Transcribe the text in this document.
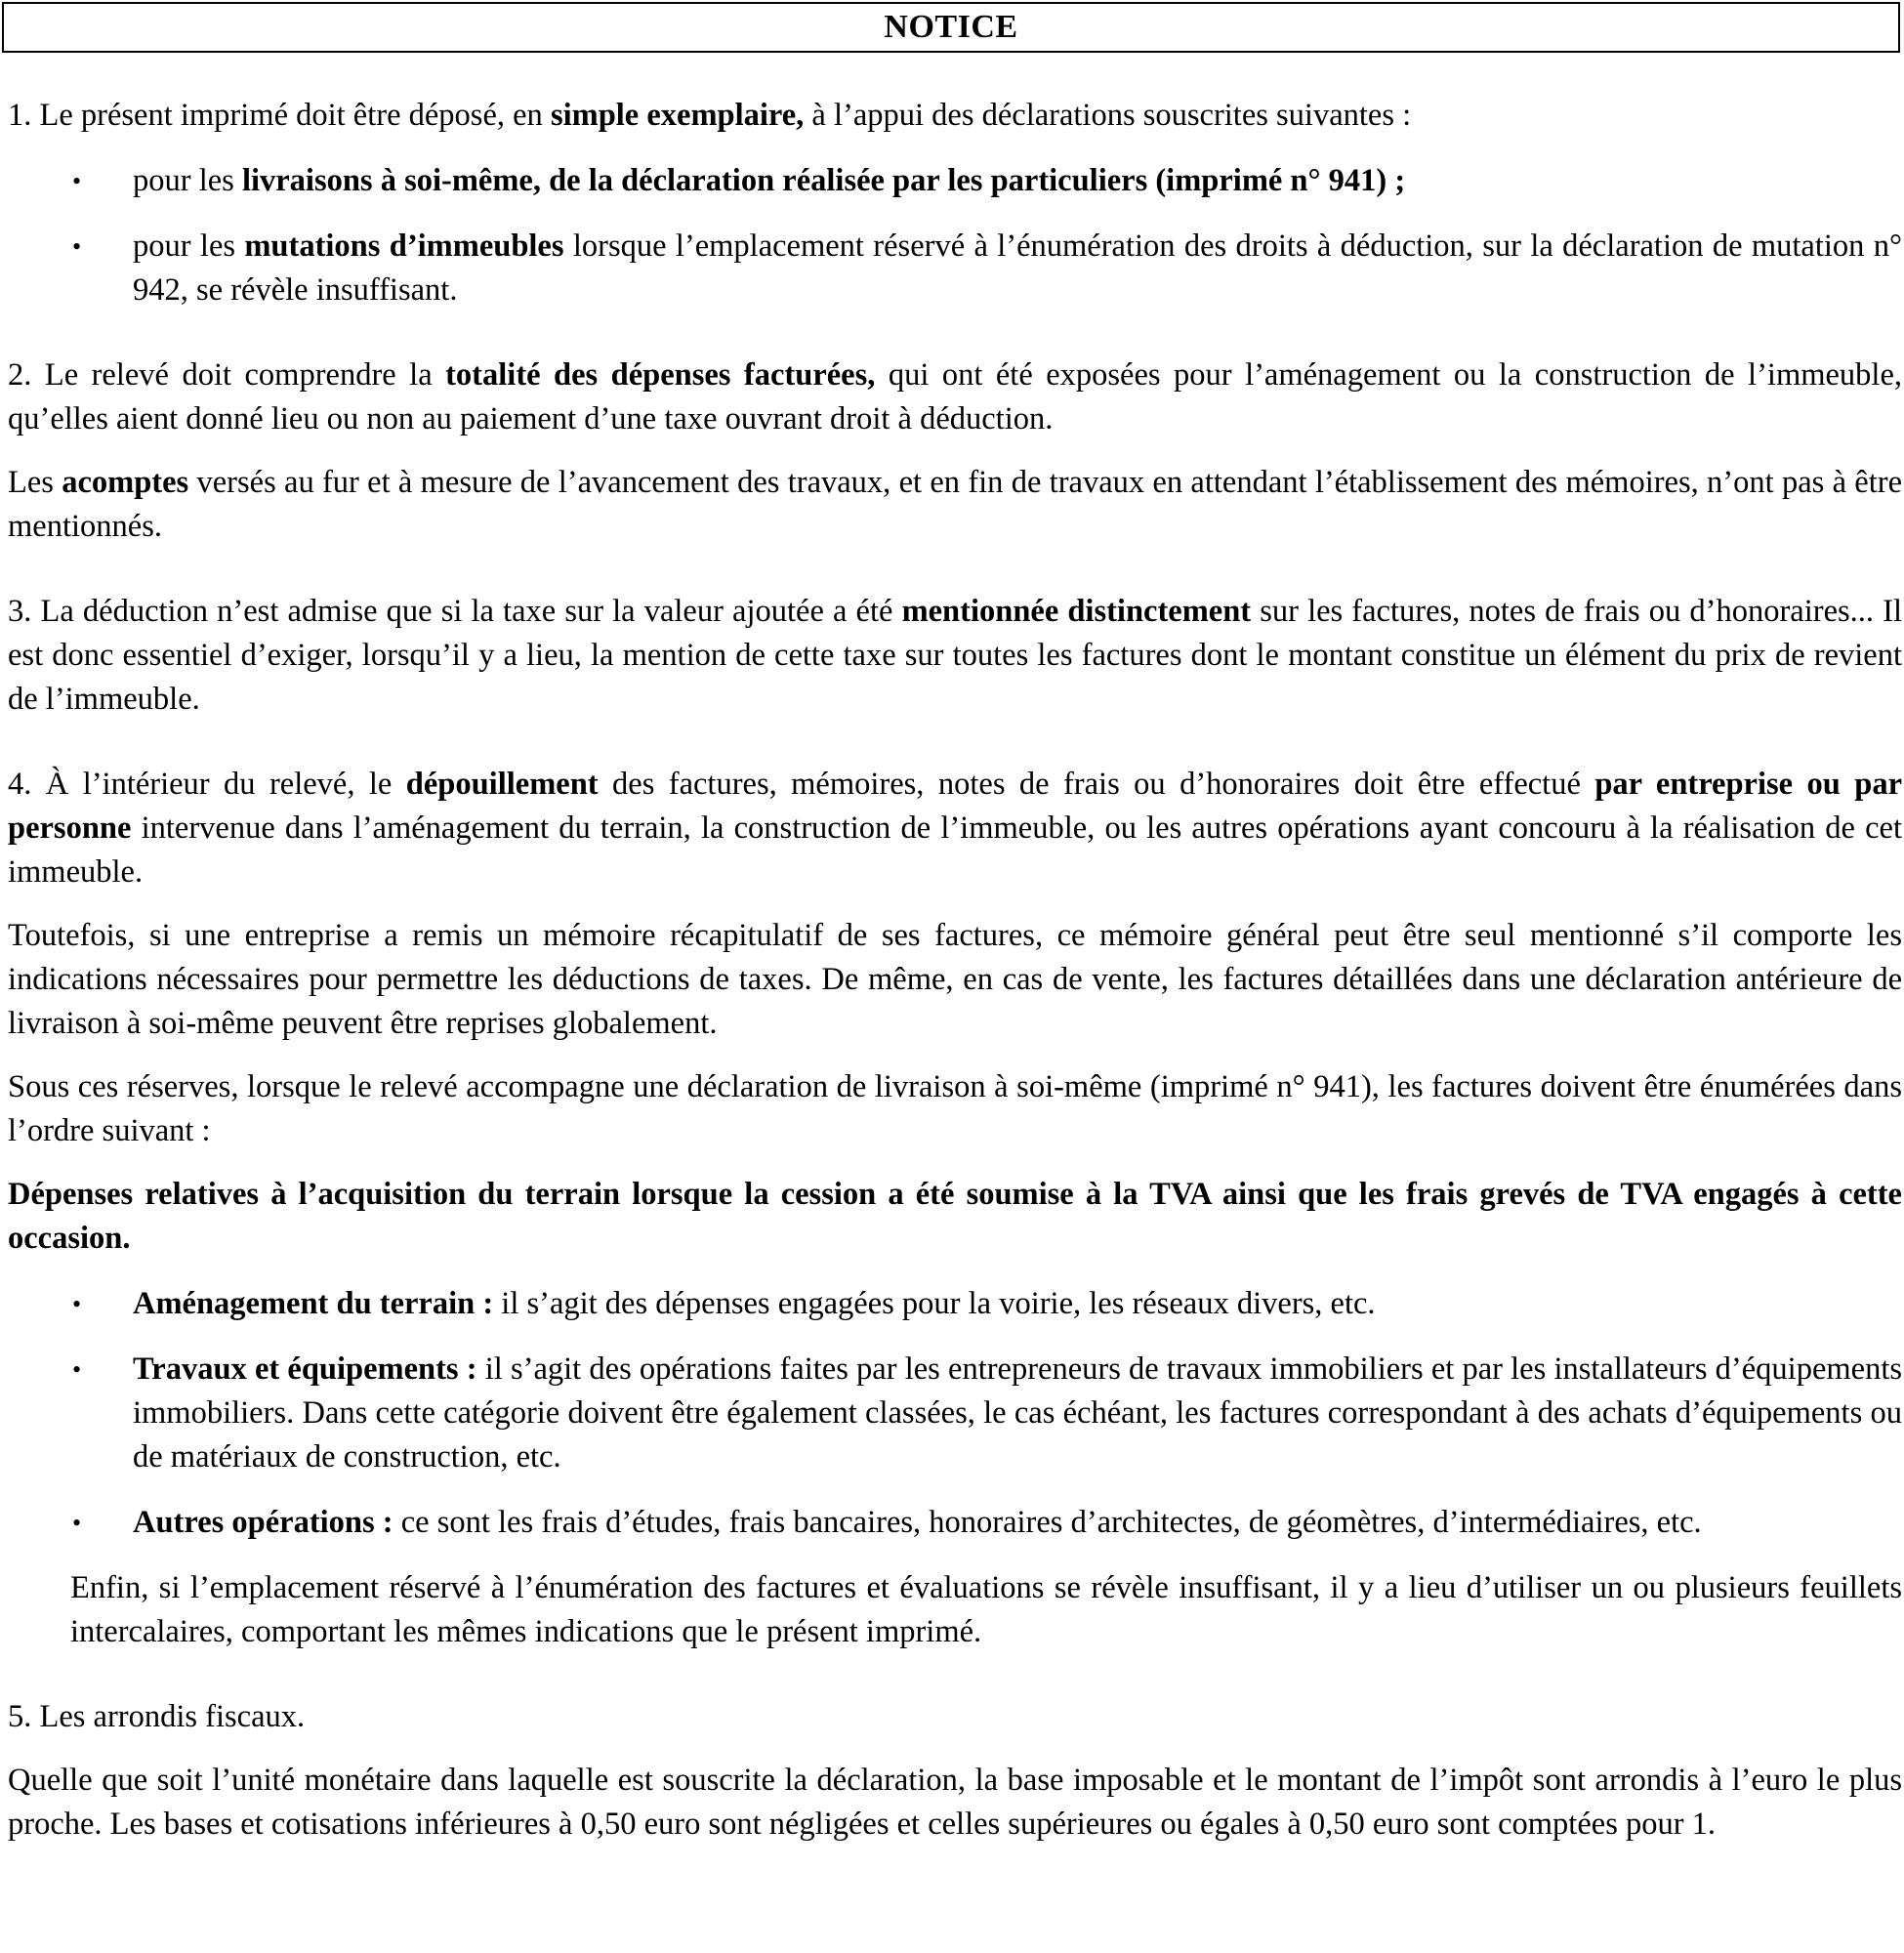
NOTICE

1. Le présent imprimé doit être déposé, en simple exemplaire, à l’appui des déclarations souscrites suivantes :

• pour les livraisons à soi-même, de la déclaration réalisée par les particuliers (imprimé n° 941) ;
• pour les mutations d’immeubles lorsque l’emplacement réservé à l’énumération des droits à déduction, sur la déclaration de mutation n° 942, se révèle insuffisant.

2. Le relevé doit comprendre la totalité des dépenses facturées, qui ont été exposées pour l’aménagement ou la construction de l’immeuble, qu’elles aient donné lieu ou non au paiement d’une taxe ouvrant droit à déduction.

Les acomptes versés au fur et à mesure de l’avancement des travaux, et en fin de travaux en attendant l’établissement des mémoires, n’ont pas à être mentionnés.

3. La déduction n’est admise que si la taxe sur la valeur ajoutée a été mentionnée distinctement sur les factures, notes de frais ou d’honoraires... Il est donc essentiel d’exiger, lorsqu’il y a lieu, la mention de cette taxe sur toutes les factures dont le montant constitue un élément du prix de revient de l’immeuble.

4. À l’intérieur du relevé, le dépouillement des factures, mémoires, notes de frais ou d’honoraires doit être effectué par entreprise ou par personne intervenue dans l’aménagement du terrain, la construction de l’immeuble, ou les autres opérations ayant concouru à la réalisation de cet immeuble.

Toutefois, si une entreprise a remis un mémoire récapitulatif de ses factures, ce mémoire général peut être seul mentionné s’il comporte les indications nécessaires pour permettre les déductions de taxes. De même, en cas de vente, les factures détaillées dans une déclaration antérieure de livraison à soi-même peuvent être reprises globalement.

Sous ces réserves, lorsque le relevé accompagne une déclaration de livraison à soi-même (imprimé n° 941), les factures doivent être énumérées dans l’ordre suivant :

Dépenses relatives à l’acquisition du terrain lorsque la cession a été soumise à la TVA ainsi que les frais grevés de TVA engagés à cette occasion.

• Aménagement du terrain : il s’agit des dépenses engagées pour la voirie, les réseaux divers, etc.
• Travaux et équipements : il s’agit des opérations faites par les entrepreneurs de travaux immobiliers et par les installateurs d’équipements immobiliers. Dans cette catégorie doivent être également classées, le cas échéant, les factures correspondant à des achats d’équipements ou de matériaux de construction, etc.
• Autres opérations : ce sont les frais d’études, frais bancaires, honoraires d’architectes, de géomètres, d’intermédiaires, etc.

Enfin, si l’emplacement réservé à l’énumération des factures et évaluations se révèle insuffisant, il y a lieu d’utiliser un ou plusieurs feuillets intercalaires, comportant les mêmes indications que le présent imprimé.

5. Les arrondis fiscaux.

Quelle que soit l’unité monétaire dans laquelle est souscrite la déclaration, la base imposable et le montant de l’impôt sont arrondis à l’euro le plus proche. Les bases et cotisations inférieures à 0,50 euro sont négligées et celles supérieures ou égales à 0,50 euro sont comptées pour 1.
